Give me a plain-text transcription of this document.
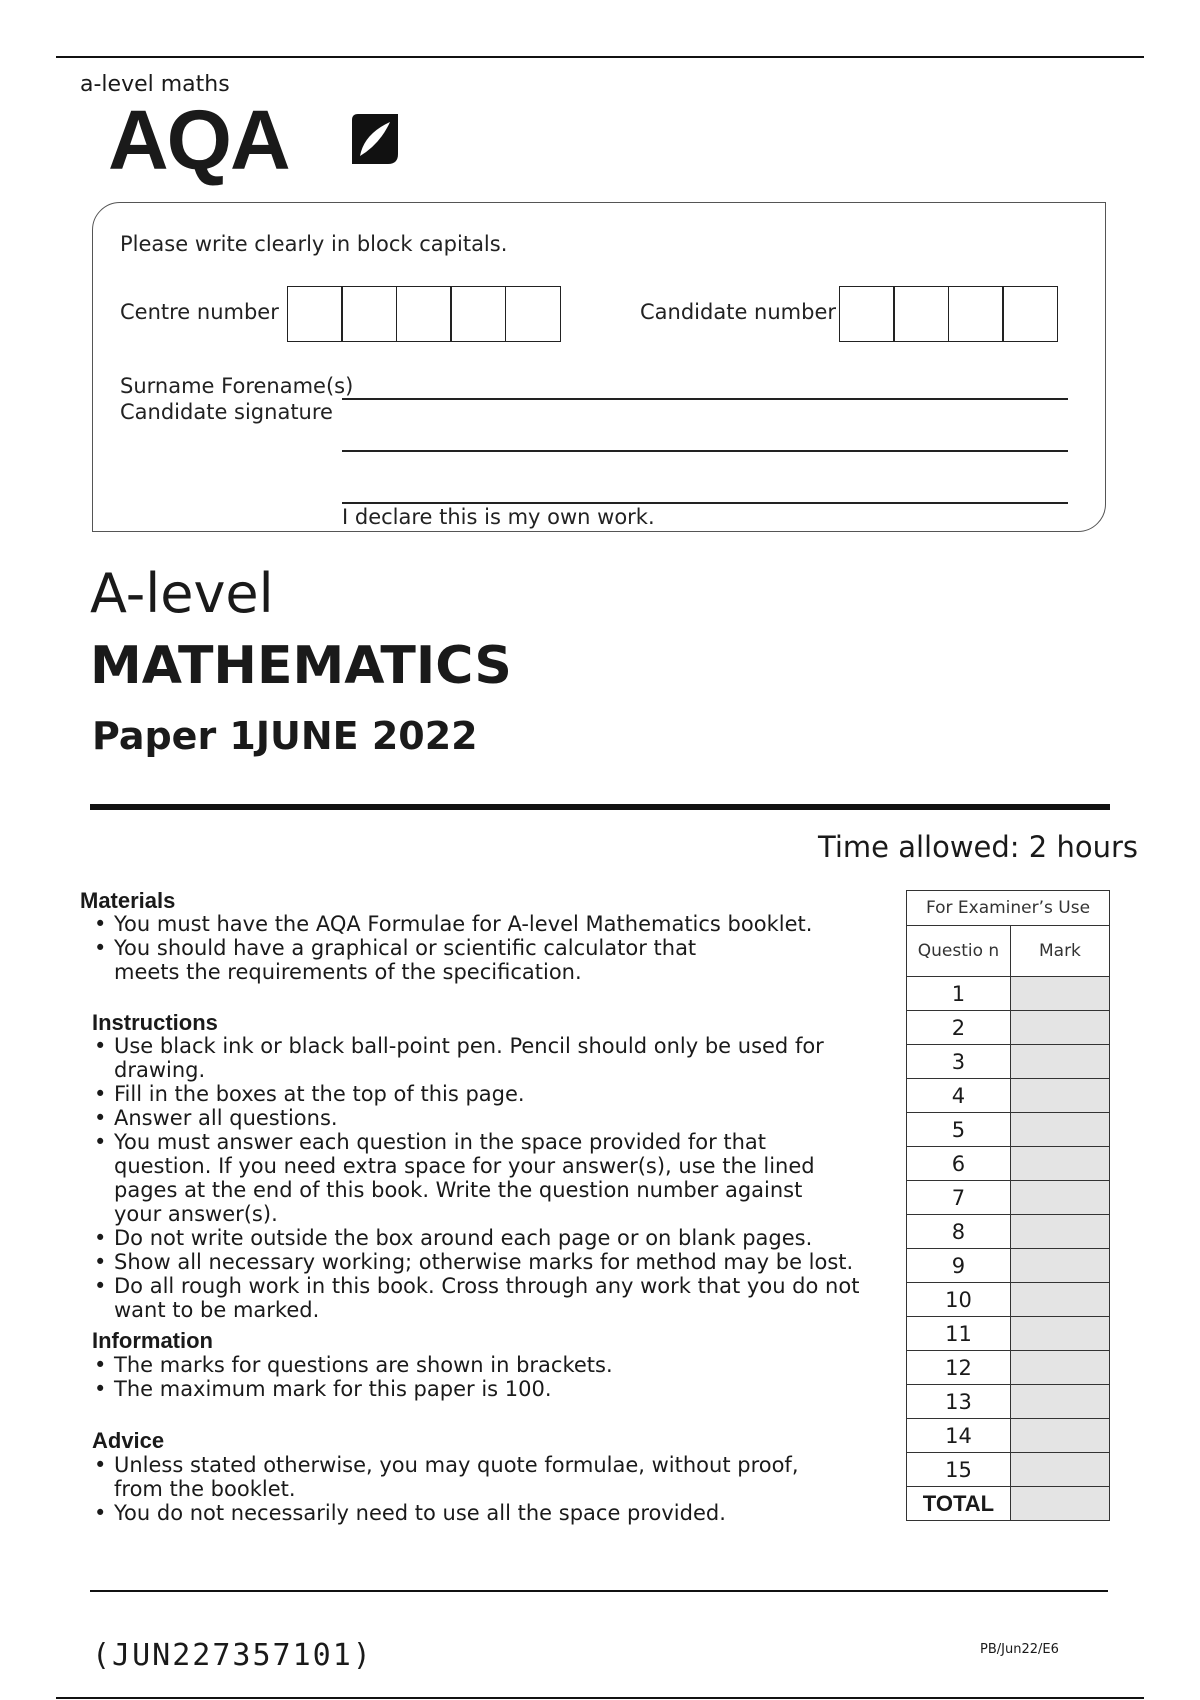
a-level maths
AQA
Please write clearly in block capitals.
Centre number	Candidate number
Surname Forename(s)
Candidate signature
I declare this is my own work.
A-level
MATHEMATICS
Paper 1JUNE 2022
Time allowed: 2 hours
Materials
• You must have the AQA Formulae for A-level Mathematics booklet.
• You should have a graphical or scientific calculator that meets the requirements of the specification.
Instructions
• Use black ink or black ball-point pen. Pencil should only be used for drawing.
• Fill in the boxes at the top of this page.
• Answer all questions.
• You must answer each question in the space provided for that question. If you need extra space for your answer(s), use the lined pages at the end of this book. Write the question number against your answer(s).
• Do not write outside the box around each page or on blank pages.
• Show all necessary working; otherwise marks for method may be lost.
• Do all rough work in this book. Cross through any work that you do not want to be marked.
Information
• The marks for questions are shown in brackets.
• The maximum mark for this paper is 100.
Advice
• Unless stated otherwise, you may quote formulae, without proof, from the booklet.
• You do not necessarily need to use all the space provided.
For Examiner’s Use	
Questio n	Mark
1	
2	
3	
4	
5	
6	
7	
8	
9	
10	
11	
12	
13	
14	
15	
TOTAL	
(JUN227357101)	PB/Jun22/E6
